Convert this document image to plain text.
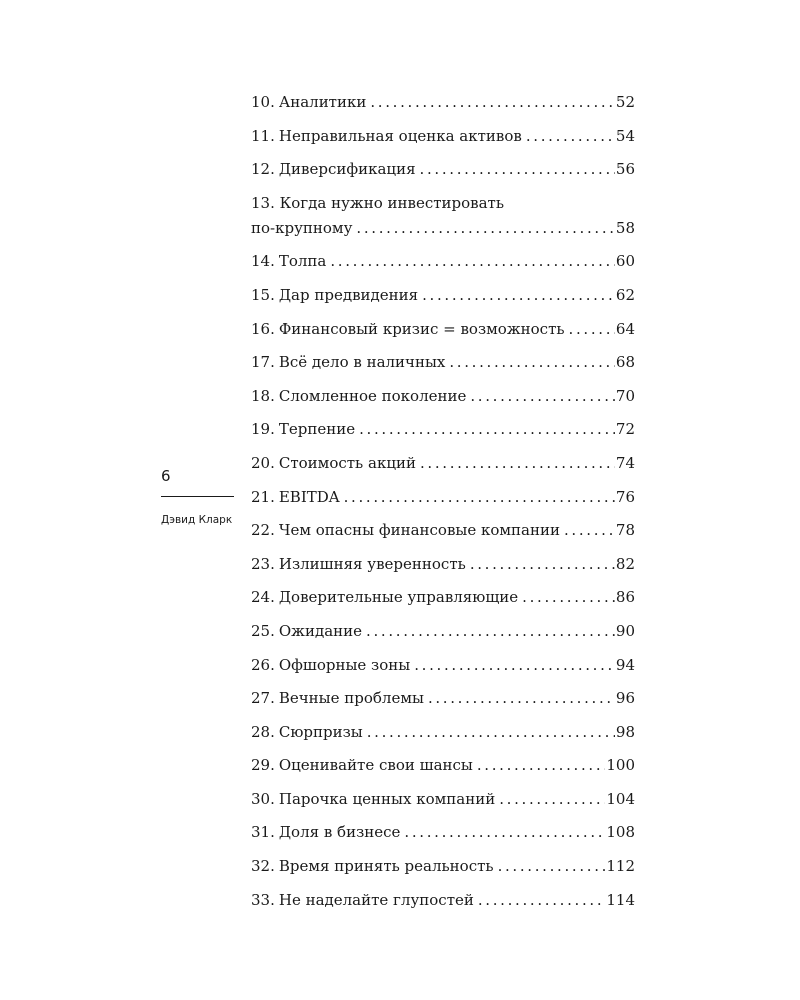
6
Дэвид Кларк
10. Аналитики . . .	52
11. Неправильная оценка активов . . .	54
12. Диверсификация . . .	56
13. Когда нужно инвестировать
по-крупному . . .	58
14. Толпа . . .	60
15. Дар предвидения . . .	62
16. Финансовый кризис = возможность . . .	64
17. Всё дело в наличных . . .	68
18. Сломленное поколение . . .	70
19. Терпение . . .	72
20. Стоимость акций . . .	74
21. EBITDA . . .	76
22. Чем опасны финансовые компании . . .	78
23. Излишняя уверенность . . .	82
24. Доверительные управляющие . . .	86
25. Ожидание . . .	90
26. Офшорные зоны . . .	94
27. Вечные проблемы . . .	96
28. Сюрпризы . . .	98
29. Оценивайте свои шансы . . .	100
30. Парочка ценных компаний . . .	104
31. Доля в бизнесе . . .	108
32. Время принять реальность . . .	112
33. Не наделайте глупостей . . .	114
